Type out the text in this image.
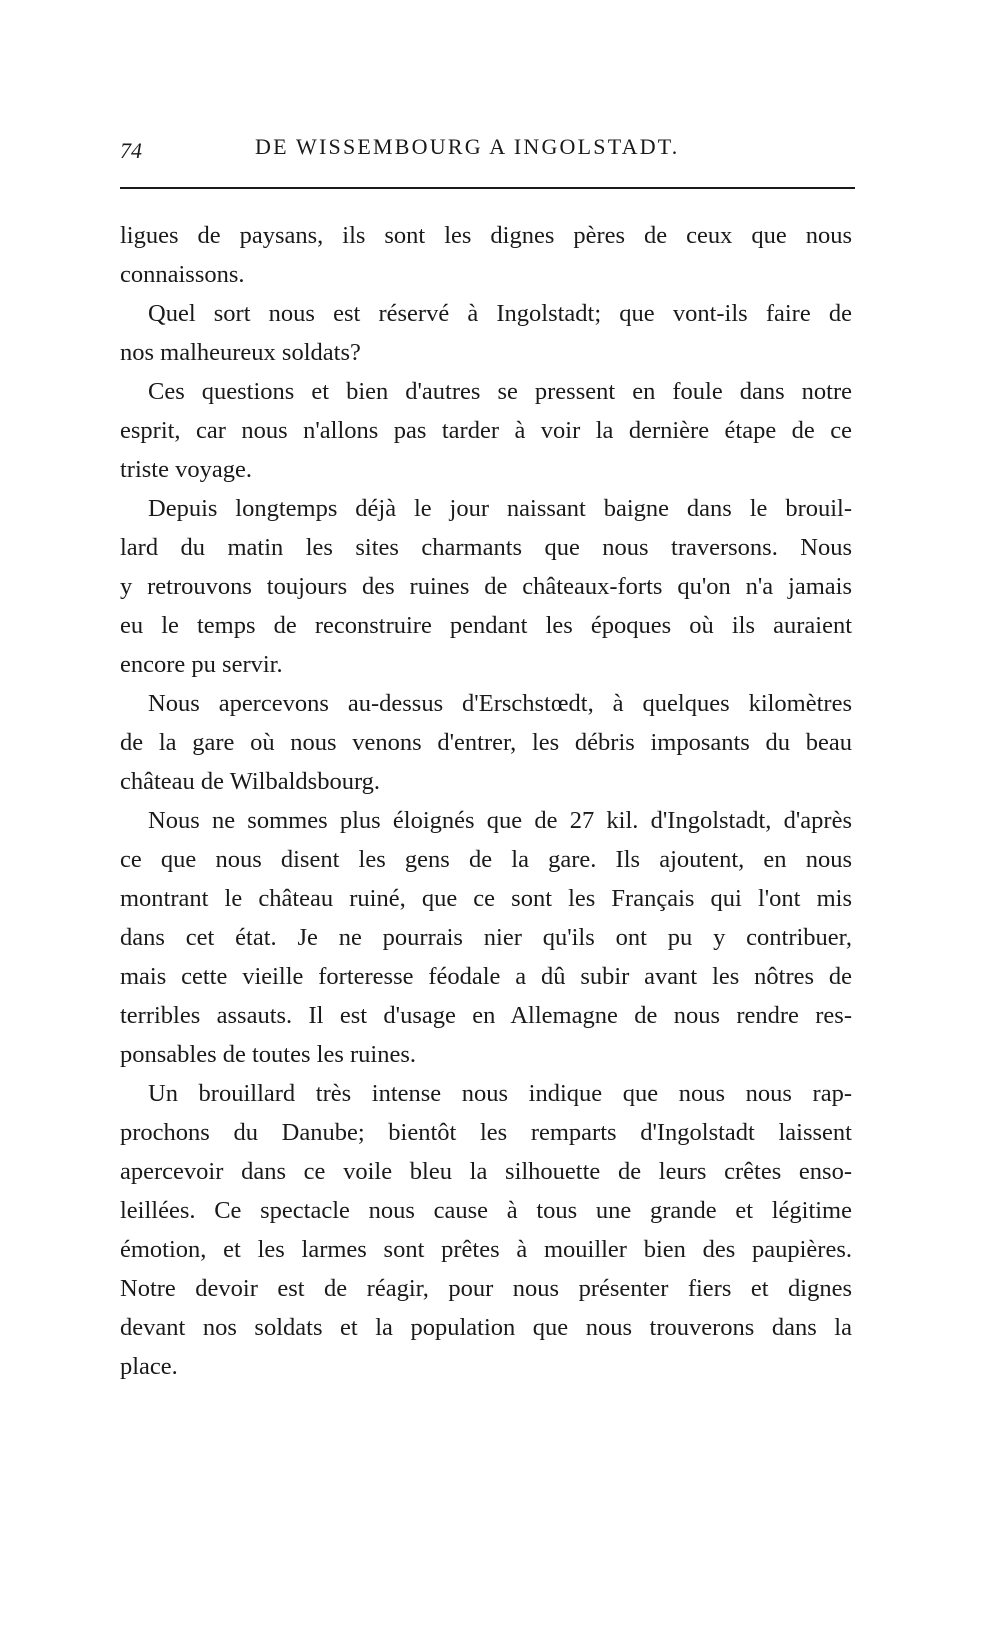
74	DE WISSEMBOURG A INGOLSTADT.
ligues de paysans, ils sont les dignes pères de ceux que nous
connaissons.
Quel sort nous est réservé à Ingolstadt; que vont-ils faire de
nos malheureux soldats?
Ces questions et bien d'autres se pressent en foule dans notre
esprit, car nous n'allons pas tarder à voir la dernière étape de ce
triste voyage.
Depuis longtemps déjà le jour naissant baigne dans le brouil-
lard du matin les sites charmants que nous traversons. Nous
y retrouvons toujours des ruines de châteaux-forts qu'on n'a jamais
eu le temps de reconstruire pendant les époques où ils auraient
encore pu servir.
Nous apercevons au-dessus d'Erschstœdt, à quelques kilomètres
de la gare où nous venons d'entrer, les débris imposants du beau
château de Wilbaldsbourg.
Nous ne sommes plus éloignés que de 27 kil. d'Ingolstadt, d'après
ce que nous disent les gens de la gare. Ils ajoutent, en nous
montrant le château ruiné, que ce sont les Français qui l'ont mis
dans cet état. Je ne pourrais nier qu'ils ont pu y contribuer,
mais cette vieille forteresse féodale a dû subir avant les nôtres de
terribles assauts. Il est d'usage en Allemagne de nous rendre res-
ponsables de toutes les ruines.
Un brouillard très intense nous indique que nous nous rap-
prochons du Danube; bientôt les remparts d'Ingolstadt laissent
apercevoir dans ce voile bleu la silhouette de leurs crêtes enso-
leillées. Ce spectacle nous cause à tous une grande et légitime
émotion, et les larmes sont prêtes à mouiller bien des paupières.
Notre devoir est de réagir, pour nous présenter fiers et dignes
devant nos soldats et la population que nous trouverons dans la
place.
